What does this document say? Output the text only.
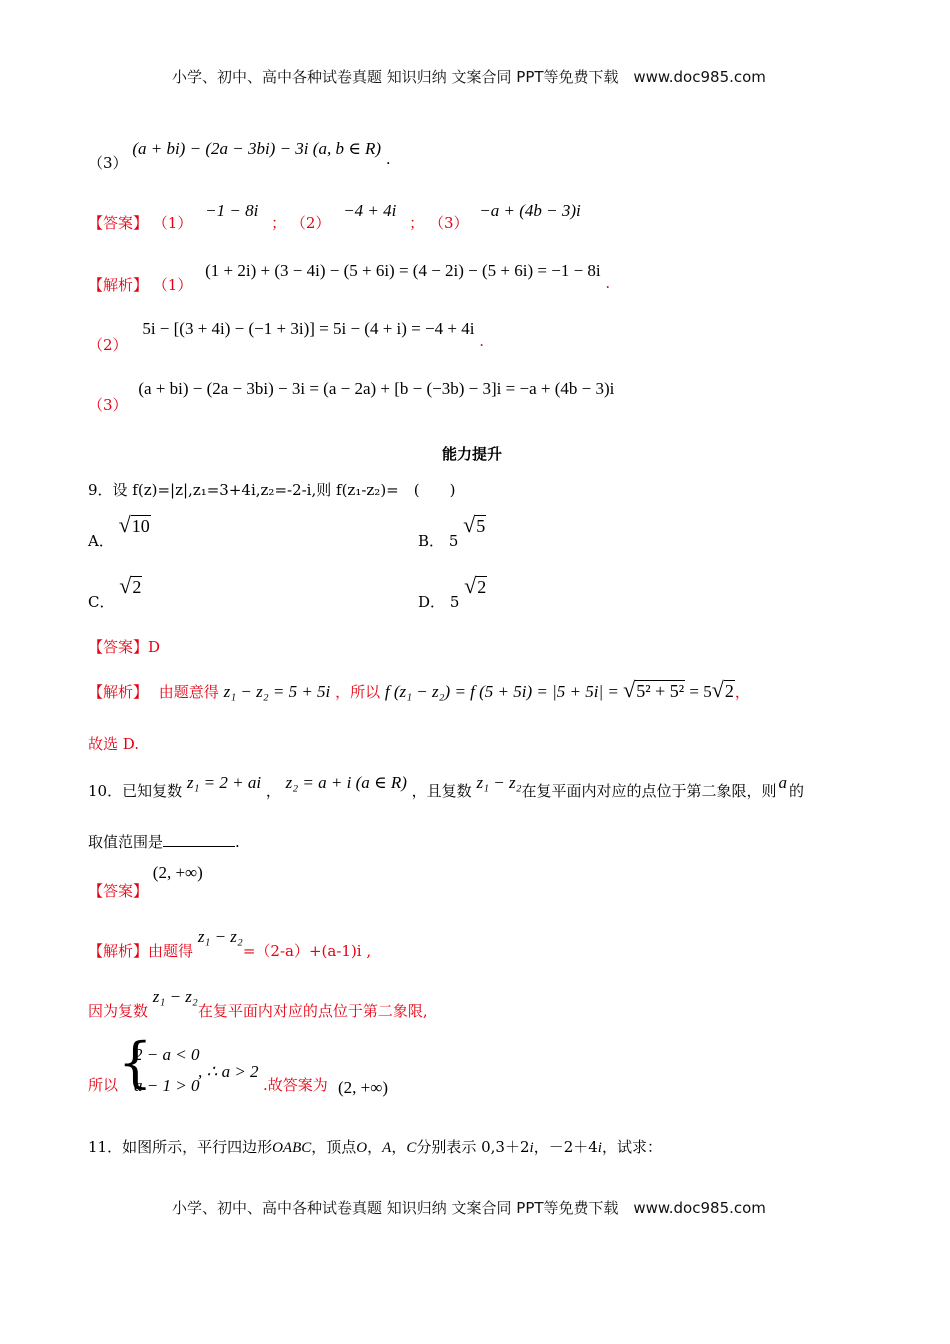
小学、初中、高中各种试卷真题 知识归纳 文案合同 PPT等免费下载 www.doc985.com
（3） (a + bi) − (2a − 3bi) − 3i (a, b ∈ R) .
【答案】 （1） −1 − 8i ； （2） −4 + 4i ； （3） −a + (4b − 3)i
【解析】 （1） (1 + 2i) + (3 − 4i) − (5 + 6i) = (4 − 2i) − (5 + 6i) = −1 − 8i .
（2） 5i − [(3 + 4i) − (−1 + 3i)] = 5i − (4 + i) = −4 + 4i .
（3） (a + bi) − (2a − 3bi) − 3i = (a − 2a) + [b − (−3b) − 3]i = −a + (4b − 3)i
能力提升
9．设 f(z)=|z|,z₁=3+4i,z₂=-2-i,则 f(z₁-z₂)=　(　　)
A． √10
B． 5 √5
C． √2
D． 5 √2
【答案】D
【解析】 由题意得 z₁ − z₂ = 5 + 5i ，所以 f (z₁ − z₂) = f (5 + 5i) = |5 + 5i| = √5² + 5² = 5√2，
故选 D.
10．已知复数 z₁ = 2 + ai ， z₂ = a + i (a ∈ R) ，且复数 z₁ − z₂在复平面内对应的点位于第二象限，则 a 的
取值范围是	.
【答案】 (2, +∞)
【解析】由题得 z₁ − z₂=（2-a）+(a-1)i ,
因为复数 z₁ − z₂在复平面内对应的点位于第二象限,
所以 {
2 − a < 0
a − 1 > 0
, ∴ a > 2
.故答案为 (2, +∞)
11．如图所示，平行四边形OABC，顶点O，A，C分别表示 0,3＋2i，－2＋4i，试求：
小学、初中、高中各种试卷真题 知识归纳 文案合同 PPT等免费下载 www.doc985.com
